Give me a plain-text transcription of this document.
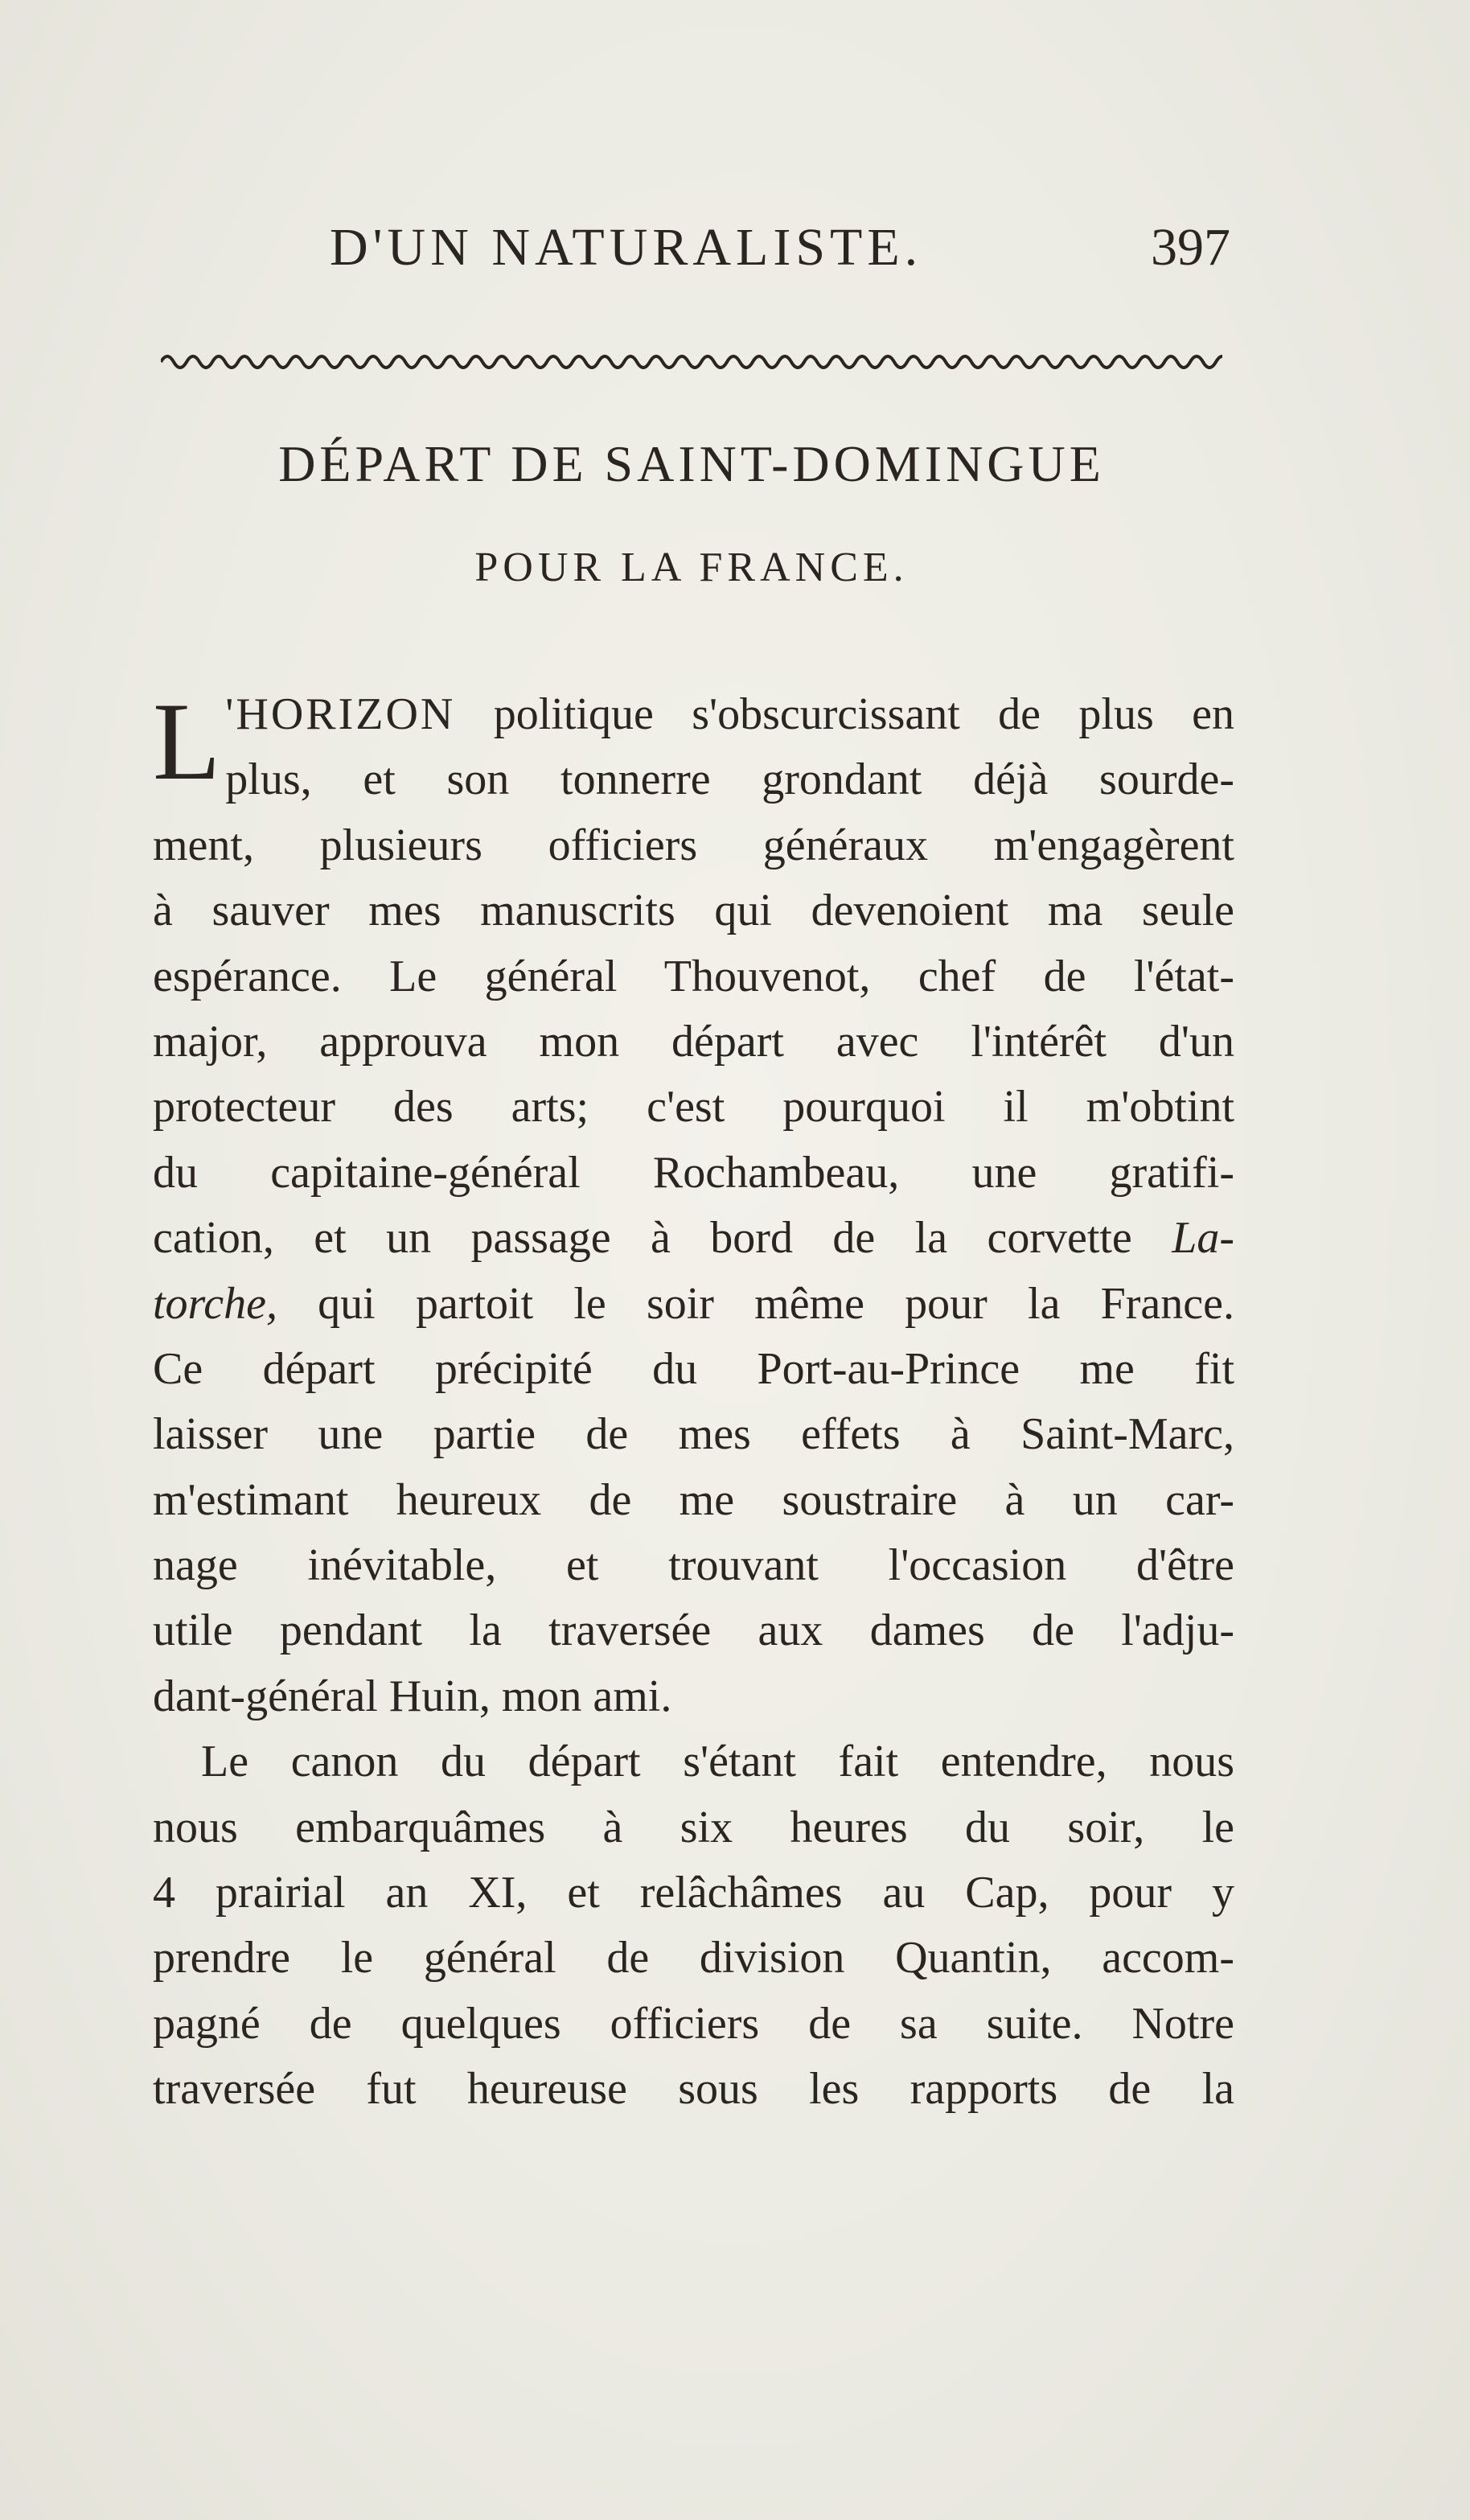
D'UN NATURALISTE.	397
DÉPART DE SAINT-DOMINGUE
POUR LA FRANCE.
L 'HORIZON politique s'obscurcissant de plus en
plus, et son tonnerre grondant déjà sourde-
ment, plusieurs officiers généraux m'engagèrent
à sauver mes manuscrits qui devenoient ma seule
espérance. Le général Thouvenot, chef de l'état-
major, approuva mon départ avec l'intérêt d'un
protecteur des arts; c'est pourquoi il m'obtint
du capitaine-général Rochambeau, une gratifi-
cation, et un passage à bord de la corvette La-
torche, qui partoit le soir même pour la France.
Ce départ précipité du Port-au-Prince me fit
laisser une partie de mes effets à Saint-Marc,
m'estimant heureux de me soustraire à un car-
nage inévitable, et trouvant l'occasion d'être
utile pendant la traversée aux dames de l'adju-
dant-général Huin, mon ami.
Le canon du départ s'étant fait entendre, nous
nous embarquâmes à six heures du soir, le
4 prairial an XI, et relâchâmes au Cap, pour y
prendre le général de division Quantin, accom-
pagné de quelques officiers de sa suite. Notre
traversée fut heureuse sous les rapports de la
